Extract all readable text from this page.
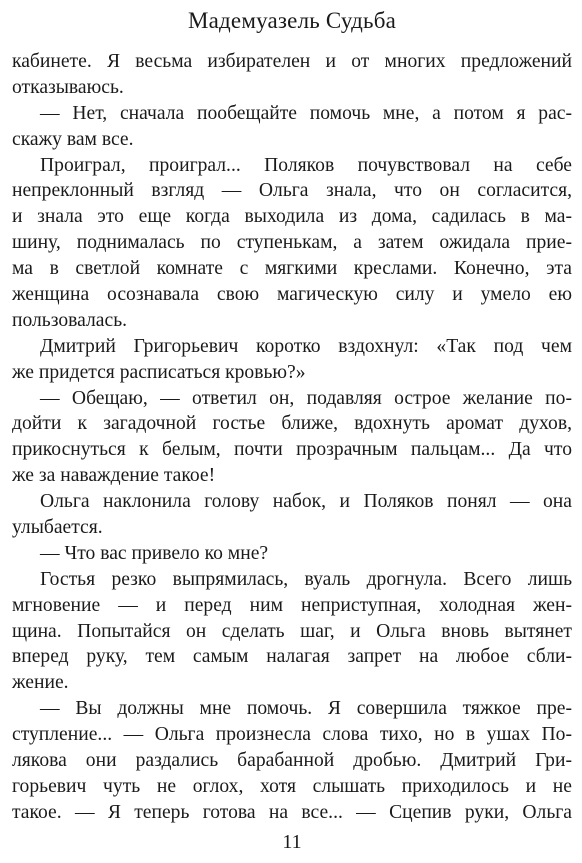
Мадемуазель Судьба
кабинете. Я весьма избирателен и от многих предложений
отказываюсь.
— Нет, сначала пообещайте помочь мне, а потом я рас-
скажу вам все.
Проиграл, проиграл... Поляков почувствовал на себе
непреклонный взгляд — Ольга знала, что он согласится,
и знала это еще когда выходила из дома, садилась в ма-
шину, поднималась по ступенькам, а затем ожидала прие-
ма в светлой комнате с мягкими креслами. Конечно, эта
женщина осознавала свою магическую силу и умело ею
пользовалась.
Дмитрий Григорьевич коротко вздохнул: «Так под чем
же придется расписаться кровью?»
— Обещаю, — ответил он, подавляя острое желание по-
дойти к загадочной гостье ближе, вдохнуть аромат духов,
прикоснуться к белым, почти прозрачным пальцам... Да что
же за наваждение такое!
Ольга наклонила голову набок, и Поляков понял — она
улыбается.
— Что вас привело ко мне?
Гостья резко выпрямилась, вуаль дрогнула. Всего лишь
мгновение — и перед ним неприступная, холодная жен-
щина. Попытайся он сделать шаг, и Ольга вновь вытянет
вперед руку, тем самым налагая запрет на любое сбли-
жение.
— Вы должны мне помочь. Я совершила тяжкое пре-
ступление... — Ольга произнесла слова тихо, но в ушах По-
лякова они раздались барабанной дробью. Дмитрий Гри-
горьевич чуть не оглох, хотя слышать приходилось и не
такое. — Я теперь готова на все... — Сцепив руки, Ольга
11
